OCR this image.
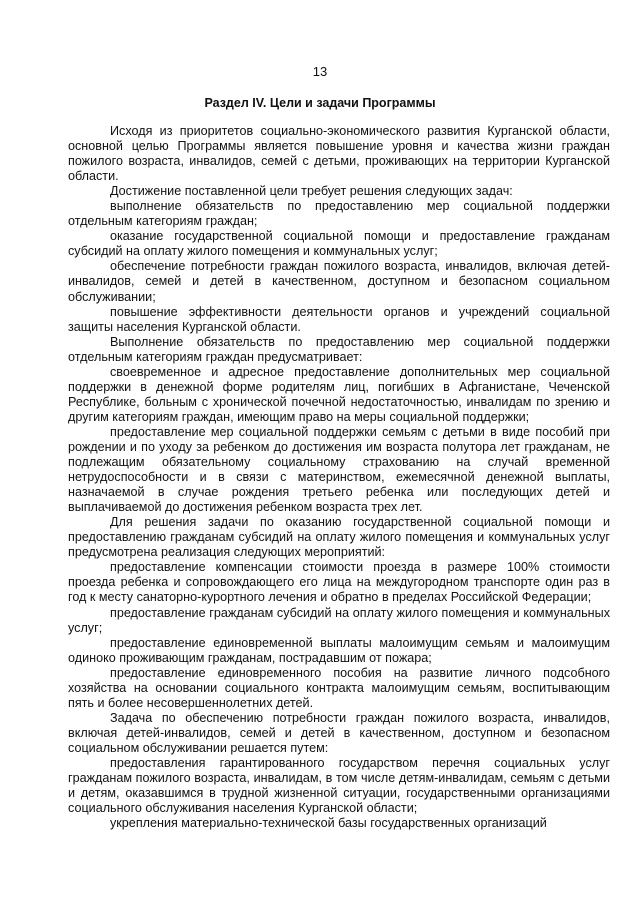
13
Раздел IV. Цели и задачи Программы

Исходя из приоритетов социально-экономического развития Курганской области, основной целью Программы является повышение уровня и качества жизни граждан пожилого возраста, инвалидов, семей с детьми, проживающих на территории Курганской области.

Достижение поставленной цели требует решения следующих задач:

выполнение обязательств по предоставлению мер социальной поддержки отдельным категориям граждан;

оказание государственной социальной помощи и предоставление гражданам субсидий на оплату жилого помещения и коммунальных услуг;

обеспечение потребности граждан пожилого возраста, инвалидов, включая детей-инвалидов, семей и детей в качественном, доступном и безопасном социальном обслуживании;

повышение эффективности деятельности органов и учреждений социальной защиты населения Курганской области.

Выполнение обязательств по предоставлению мер социальной поддержки отдельным категориям граждан предусматривает:

своевременное и адресное предоставление дополнительных мер социальной поддержки в денежной форме родителям лиц, погибших в Афганистане, Чеченской Республике, больным с хронической почечной недостаточностью, инвалидам по зрению и другим категориям граждан, имеющим право на меры социальной поддержки;

предоставление мер социальной поддержки семьям с детьми в виде пособий при рождении и по уходу за ребенком до достижения им возраста полутора лет гражданам, не подлежащим обязательному социальному страхованию на случай временной нетрудоспособности и в связи с материнством, ежемесячной денежной выплаты, назначаемой в случае рождения третьего ребенка или последующих детей и выплачиваемой до достижения ребенком возраста трех лет.

Для решения задачи по оказанию государственной социальной помощи и предоставлению гражданам субсидий на оплату жилого помещения и коммунальных услуг предусмотрена реализация следующих мероприятий:

предоставление компенсации стоимости проезда в размере 100% стоимости проезда ребенка и сопровождающего его лица на междугородном транспорте один раз в год к месту санаторно-курортного лечения и обратно в пределах Российской Федерации;

предоставление гражданам субсидий на оплату жилого помещения и коммунальных услуг;

предоставление единовременной выплаты малоимущим семьям и малоимущим одиноко проживающим гражданам, пострадавшим от пожара;

предоставление единовременного пособия на развитие личного подсобного хозяйства на основании социального контракта малоимущим семьям, воспитывающим пять и более несовершеннолетних детей.

Задача по обеспечению потребности граждан пожилого возраста, инвалидов, включая детей-инвалидов, семей и детей в качественном, доступном и безопасном социальном обслуживании решается путем:

предоставления гарантированного государством перечня социальных услуг гражданам пожилого возраста, инвалидам, в том числе детям-инвалидам, семьям с детьми и детям, оказавшимся в трудной жизненной ситуации, государственными организациями социального обслуживания населения Курганской области;

укрепления материально-технической базы государственных организаций
